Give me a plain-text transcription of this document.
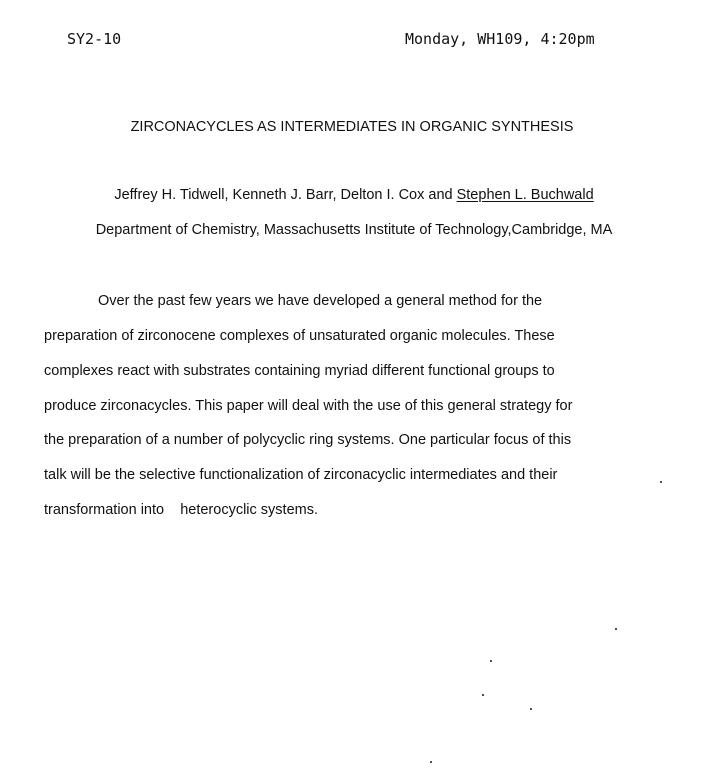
SY2-10	Monday, WH109, 4:20pm
ZIRCONACYCLES AS INTERMEDIATES IN ORGANIC SYNTHESIS
Jeffrey H. Tidwell, Kenneth J. Barr, Delton I. Cox and Stephen L. Buchwald
Department of Chemistry, Massachusetts Institute of Technology,Cambridge, MA
Over the past few years we have developed a general method for the
preparation of zirconocene complexes of unsaturated organic molecules. These
complexes react with substrates containing myriad different functional groups to
produce zirconacycles. This paper will deal with the use of this general strategy for
the preparation of a number of polycyclic ring systems. One particular focus of this
talk will be the selective functionalization of zirconacyclic intermediates and their
transformation into    heterocyclic systems.
